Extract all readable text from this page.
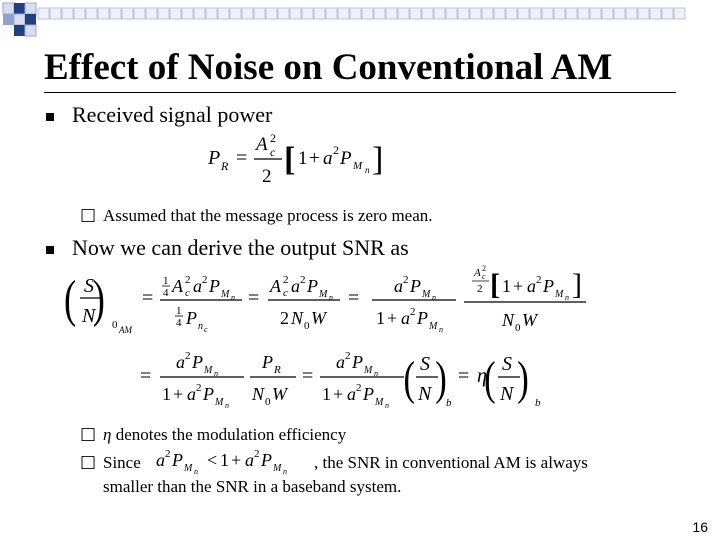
Effect of Noise on Conventional AM
Received signal power
P R =
A 2
c
2 [ 1 + a 2 P M n ]
□ Assumed that the message process is zero mean.
Now we can derive the output SNR as
( S
N
) 0 AM
=
1
4 A 2
c a 2 P M n
1
4 P n c
=
A 2
c a 2 P M n
2 N 0 W
=
a 2 P M n
1 + a 2 P M n
A 2
c
2 [ 1 + a 2 P M n ]
N 0 W
=
a 2 P M n
1 + a 2 P M n
P R
N 0 W
=
a 2 P M n
1 + a 2 P M n
( S
N ) b
= η
( S
N ) b
□ η denotes the modulation efficiency
□ Since a 2 P M n
< 1 + a 2 P M n , the SNR in conventional AM is always
smaller than the SNR in a baseband system.
16
